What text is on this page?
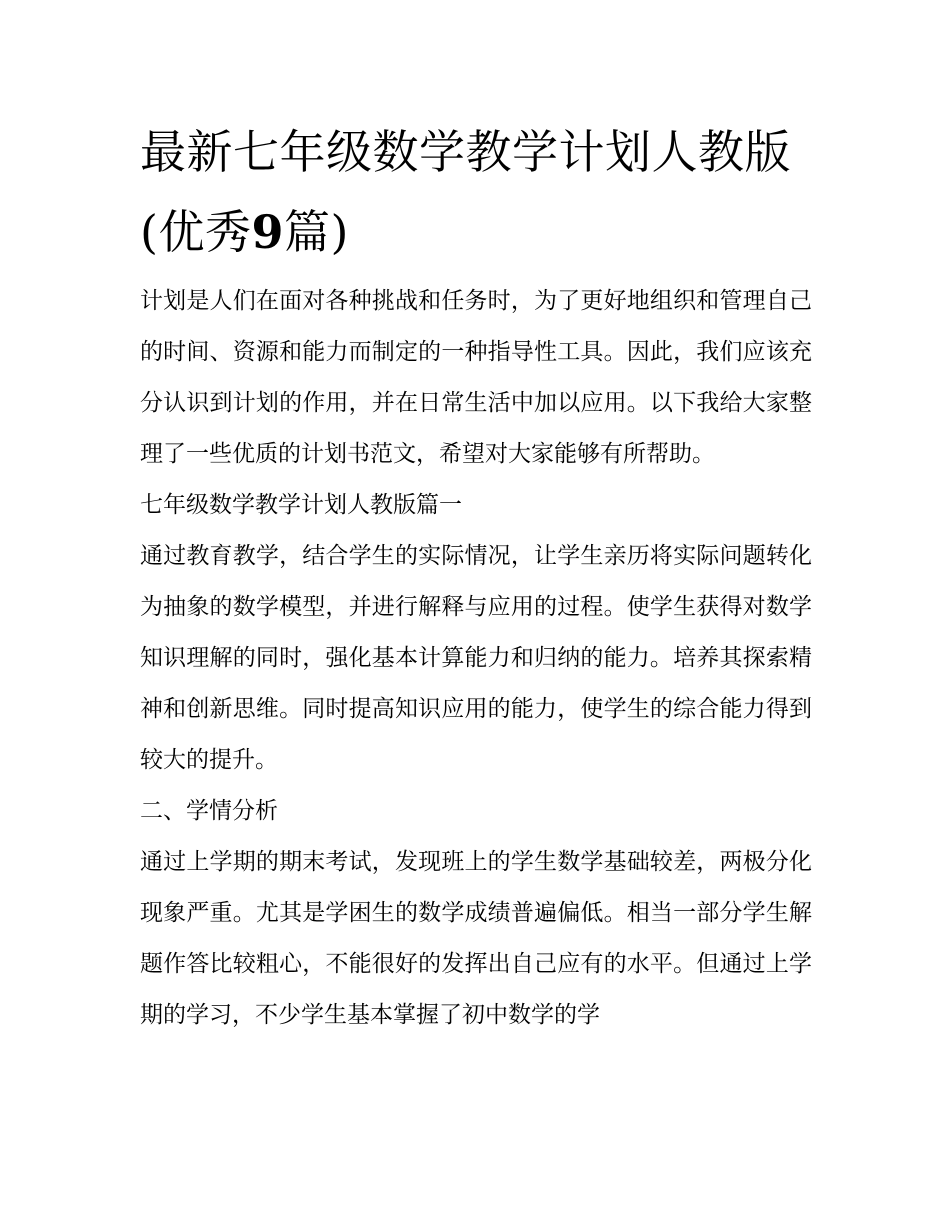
最新七年级数学教学计划人教版(优秀9篇)

计划是人们在面对各种挑战和任务时，为了更好地组织和管理自己的时间、资源和能力而制定的一种指导性工具。因此，我们应该充分认识到计划的作用，并在日常生活中加以应用。以下我给大家整理了一些优质的计划书范文，希望对大家能够有所帮助。

七年级数学教学计划人教版篇一

通过教育教学，结合学生的实际情况，让学生亲历将实际问题转化为抽象的数学模型，并进行解释与应用的过程。使学生获得对数学知识理解的同时，强化基本计算能力和归纳的能力。培养其探索精神和创新思维。同时提高知识应用的能力，使学生的综合能力得到较大的提升。

二、学情分析

通过上学期的期末考试，发现班上的学生数学基础较差，两极分化现象严重。尤其是学困生的数学成绩普遍偏低。相当一部分学生解题作答比较粗心，不能很好的发挥出自己应有的水平。但通过上学期的学习，不少学生基本掌握了初中数学的学
